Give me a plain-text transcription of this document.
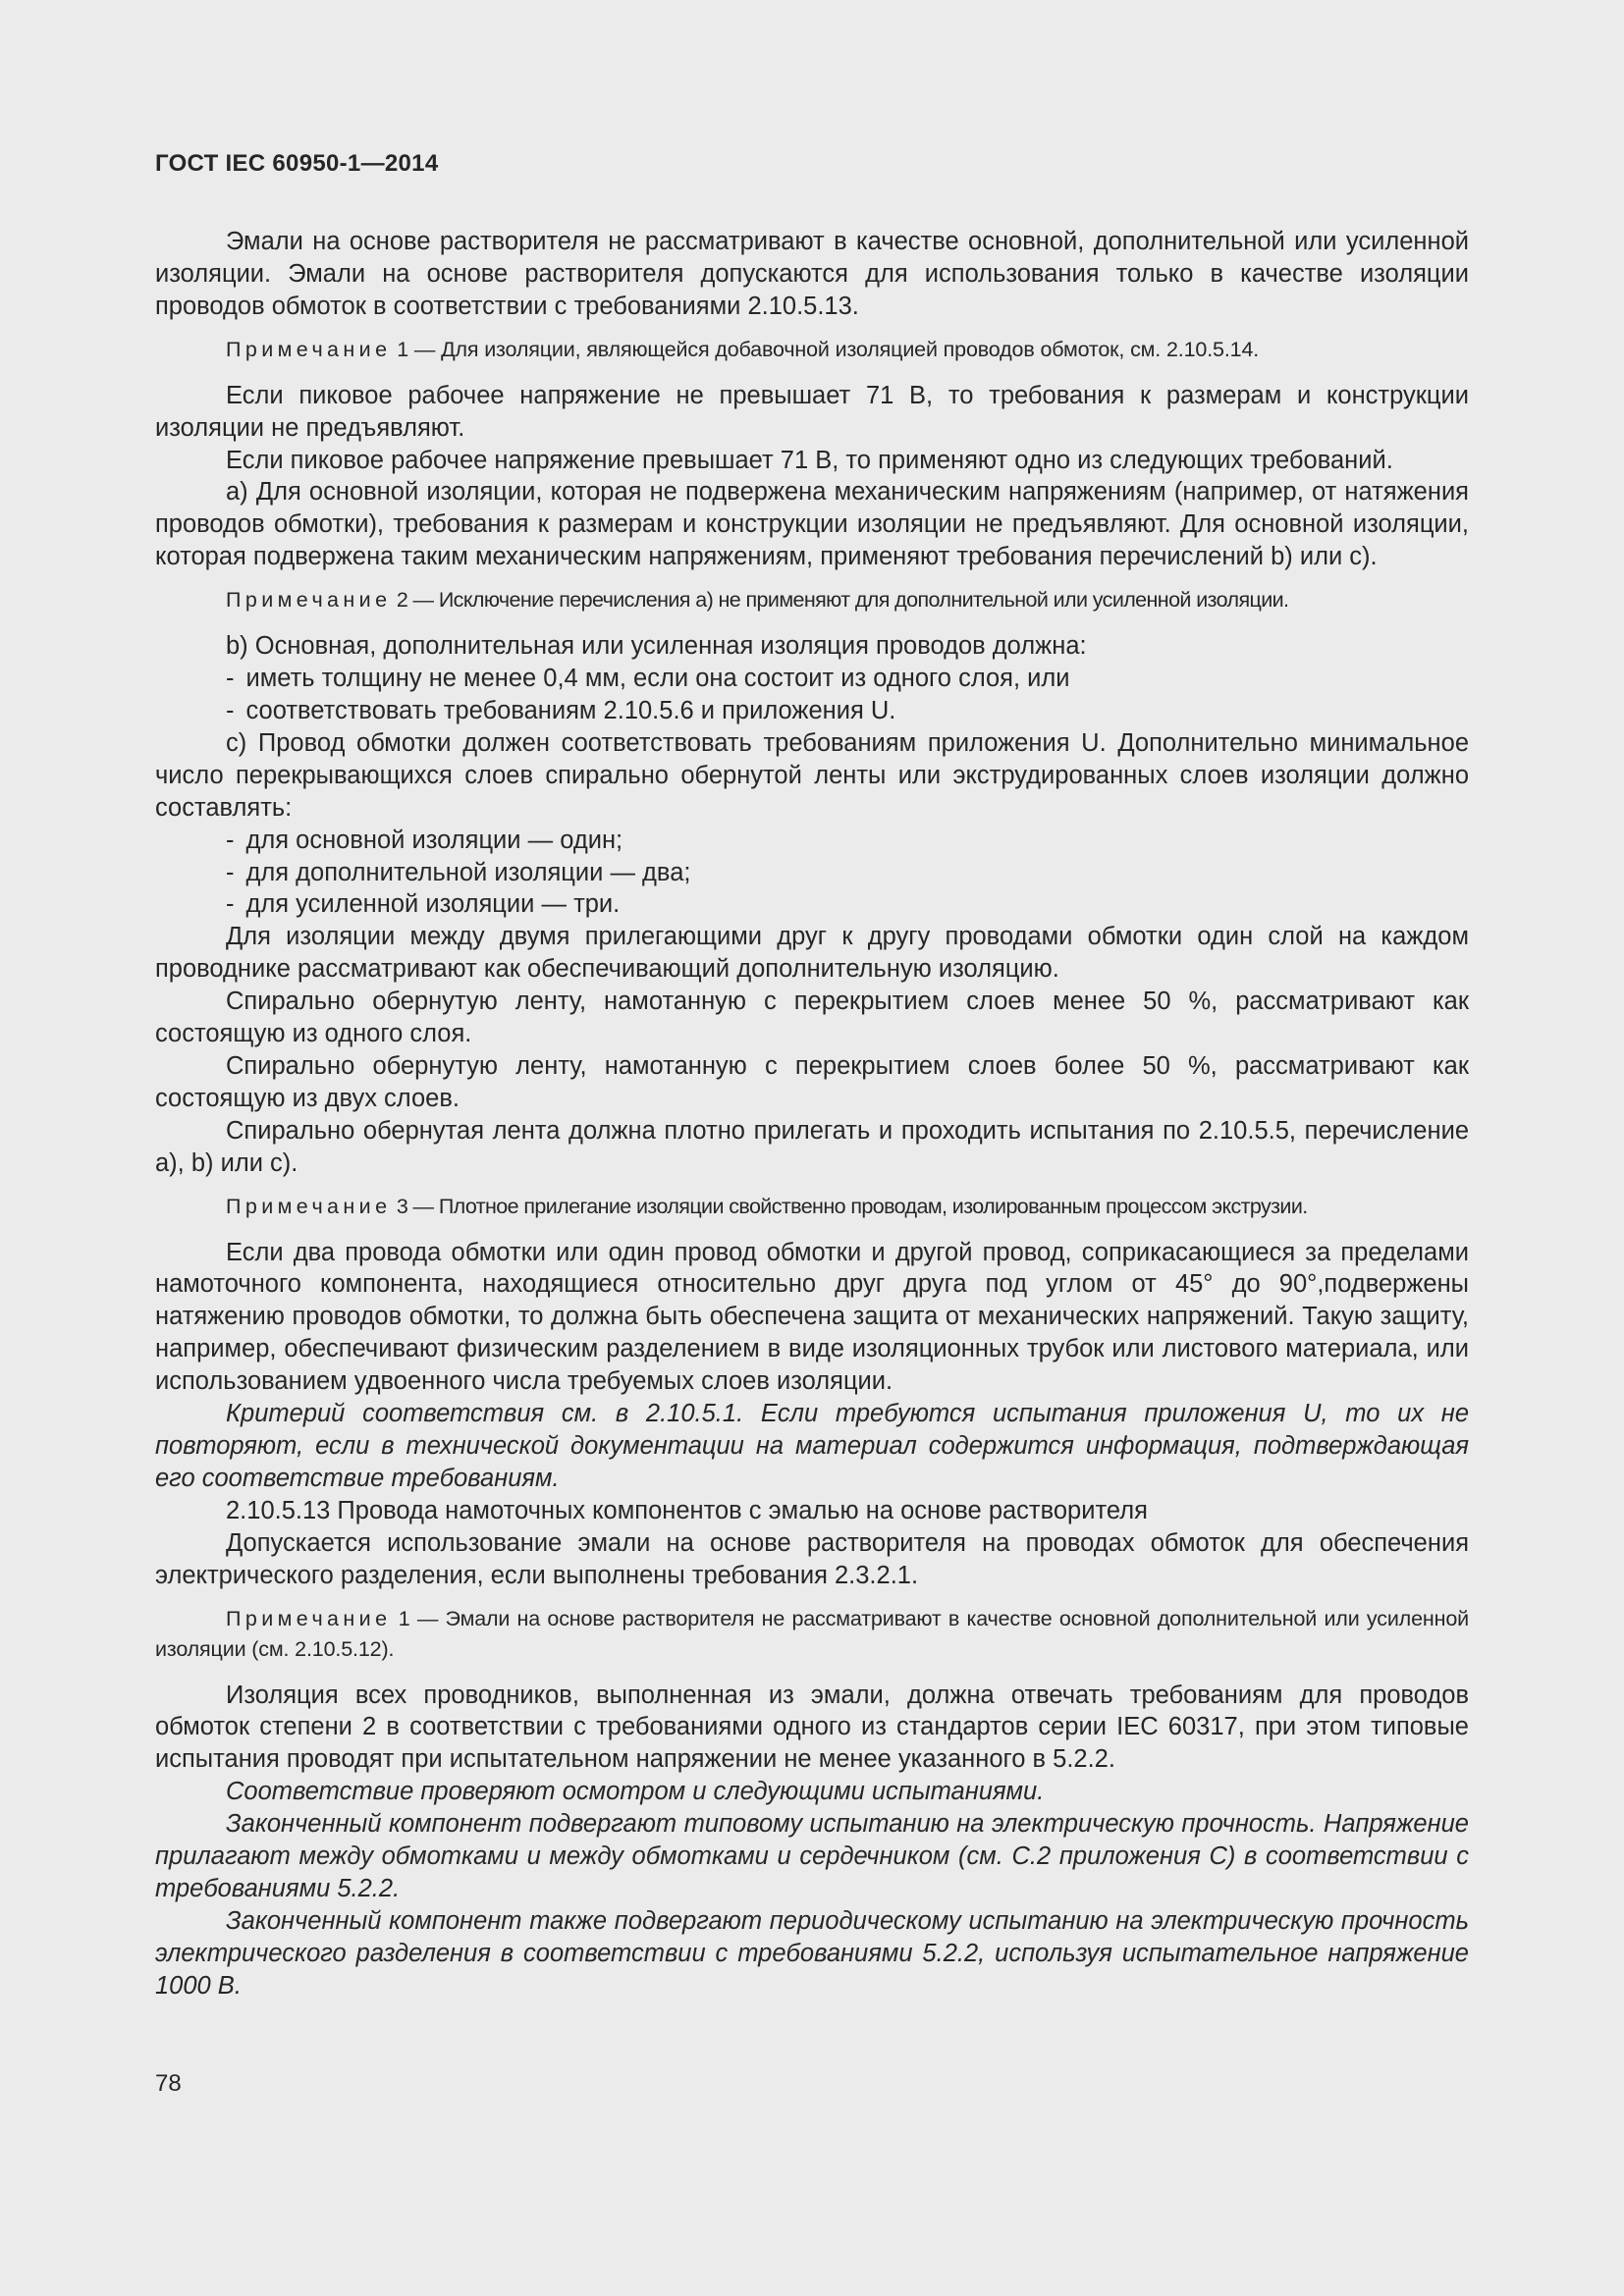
ГОСТ IEC 60950-1—2014

Эмали на основе растворителя не рассматривают в качестве основной, дополнительной или усиленной изоляции. Эмали на основе растворителя допускаются для использования только в качестве изоляции проводов обмоток в соответствии с требованиями 2.10.5.13.

Примечание 1 — Для изоляции, являющейся добавочной изоляцией проводов обмоток, см. 2.10.5.14.

Если пиковое рабочее напряжение не превышает 71 В, то требования к размерам и конструкции изоляции не предъявляют.

Если пиковое рабочее напряжение превышает 71 В, то применяют одно из следующих требований.

а) Для основной изоляции, которая не подвержена механическим напряжениям (например, от натяжения проводов обмотки), требования к размерам и конструкции изоляции не предъявляют. Для основной изоляции, которая подвержена таким механическим напряжениям, применяют требования перечислений b) или c).

Примечание 2 — Исключение перечисления а) не применяют для дополнительной или усиленной изоляции.

b) Основная, дополнительная или усиленная изоляция проводов должна:

- иметь толщину не менее 0,4 мм, если она состоит из одного слоя, или

- соответствовать требованиям 2.10.5.6 и приложения U.

c) Провод обмотки должен соответствовать требованиям приложения U. Дополнительно минимальное число перекрывающихся слоев спирально обернутой ленты или экструдированных слоев изоляции должно составлять:

- для основной изоляции — один;

- для дополнительной изоляции — два;

- для усиленной изоляции — три.

Для изоляции между двумя прилегающими друг к другу проводами обмотки один слой на каждом проводнике рассматривают как обеспечивающий дополнительную изоляцию.

Спирально обернутую ленту, намотанную с перекрытием слоев менее 50 %, рассматривают как состоящую из одного слоя.

Спирально обернутую ленту, намотанную с перекрытием слоев более 50 %, рассматривают как состоящую из двух слоев.

Спирально обернутая лента должна плотно прилегать и проходить испытания по 2.10.5.5, перечисление a), b) или c).

Примечание 3 — Плотное прилегание изоляции свойственно проводам, изолированным процессом экструзии.

Если два провода обмотки или один провод обмотки и другой провод, соприкасающиеся за пределами намоточного компонента, находящиеся относительно друг друга под углом от 45° до 90°,подвержены натяжению проводов обмотки, то должна быть обеспечена защита от механических напряжений. Такую защиту, например, обеспечивают физическим разделением в виде изоляционных трубок или листового материала, или использованием удвоенного числа требуемых слоев изоляции.

Критерий соответствия см. в 2.10.5.1. Если требуются испытания приложения U, то их не повторяют, если в технической документации на материал содержится информация, подтверждающая его соответствие требованиям.

2.10.5.13 Провода намоточных компонентов с эмалью на основе растворителя

Допускается использование эмали на основе растворителя на проводах обмоток для обеспечения электрического разделения, если выполнены требования 2.3.2.1.

Примечание 1 — Эмали на основе растворителя не рассматривают в качестве основной дополнительной или усиленной изоляции (см. 2.10.5.12).

Изоляция всех проводников, выполненная из эмали, должна отвечать требованиям для проводов обмоток степени 2 в соответствии с требованиями одного из стандартов серии IEC 60317, при этом типовые испытания проводят при испытательном напряжении не менее указанного в 5.2.2.

Соответствие проверяют осмотром и следующими испытаниями.

Законченный компонент подвергают типовому испытанию на электрическую прочность. Напряжение прилагают между обмотками и между обмотками и сердечником (см. С.2 приложения С) в соответствии с требованиями 5.2.2.

Законченный компонент также подвергают периодическому испытанию на электрическую прочность электрического разделения в соответствии с требованиями 5.2.2, используя испытательное напряжение 1000 В.

78
